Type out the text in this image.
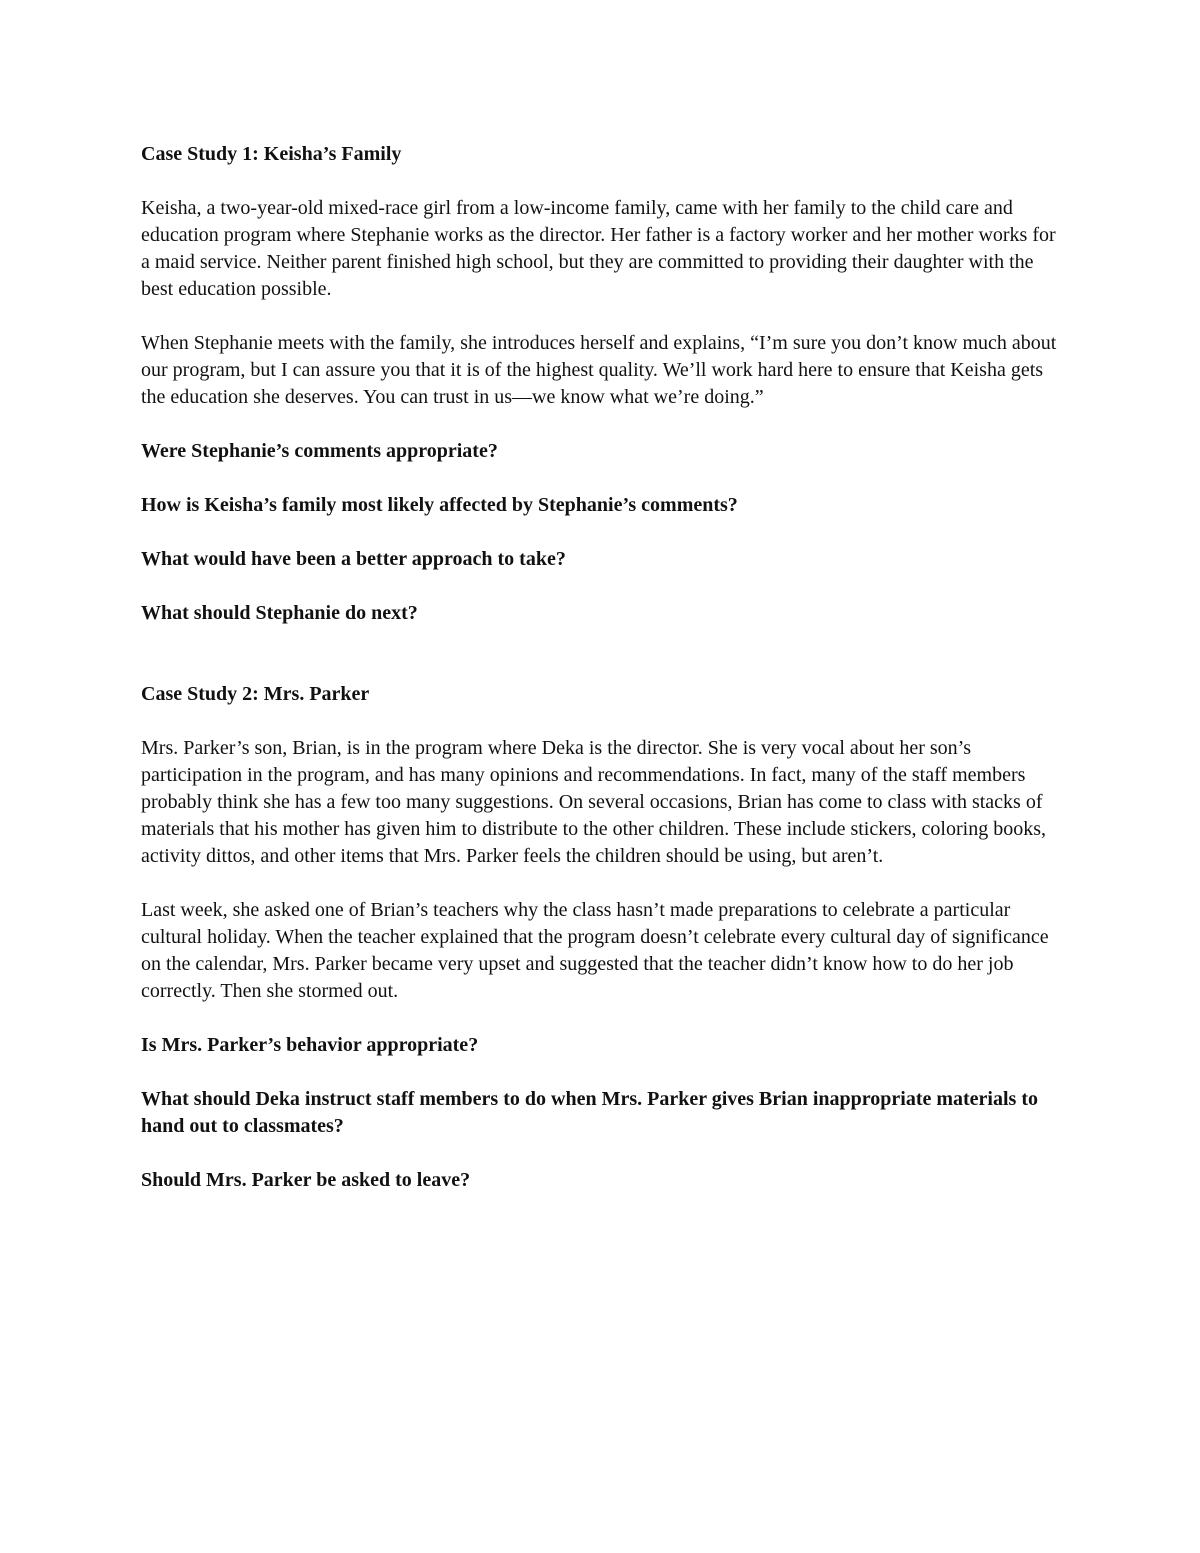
Case Study 1: Keisha’s Family

Keisha, a two-year-old mixed-race girl from a low-income family, came with her family to the child care and education program where Stephanie works as the director. Her father is a factory worker and her mother works for a maid service. Neither parent finished high school, but they are committed to providing their daughter with the best education possible.

When Stephanie meets with the family, she introduces herself and explains, “I’m sure you don’t know much about our program, but I can assure you that it is of the highest quality. We’ll work hard here to ensure that Keisha gets the education she deserves. You can trust in us—we know what we’re doing.”

Were Stephanie’s comments appropriate?

How is Keisha’s family most likely affected by Stephanie’s comments?

What would have been a better approach to take?

What should Stephanie do next?

Case Study 2: Mrs. Parker

Mrs. Parker’s son, Brian, is in the program where Deka is the director. She is very vocal about her son’s participation in the program, and has many opinions and recommendations. In fact, many of the staff members probably think she has a few too many suggestions. On several occasions, Brian has come to class with stacks of materials that his mother has given him to distribute to the other children. These include stickers, coloring books, activity dittos, and other items that Mrs. Parker feels the children should be using, but aren’t.

Last week, she asked one of Brian’s teachers why the class hasn’t made preparations to celebrate a particular cultural holiday. When the teacher explained that the program doesn’t celebrate every cultural day of significance on the calendar, Mrs. Parker became very upset and suggested that the teacher didn’t know how to do her job correctly. Then she stormed out.

Is Mrs. Parker’s behavior appropriate?

What should Deka instruct staff members to do when Mrs. Parker gives Brian inappropriate materials to hand out to classmates?

Should Mrs. Parker be asked to leave?
